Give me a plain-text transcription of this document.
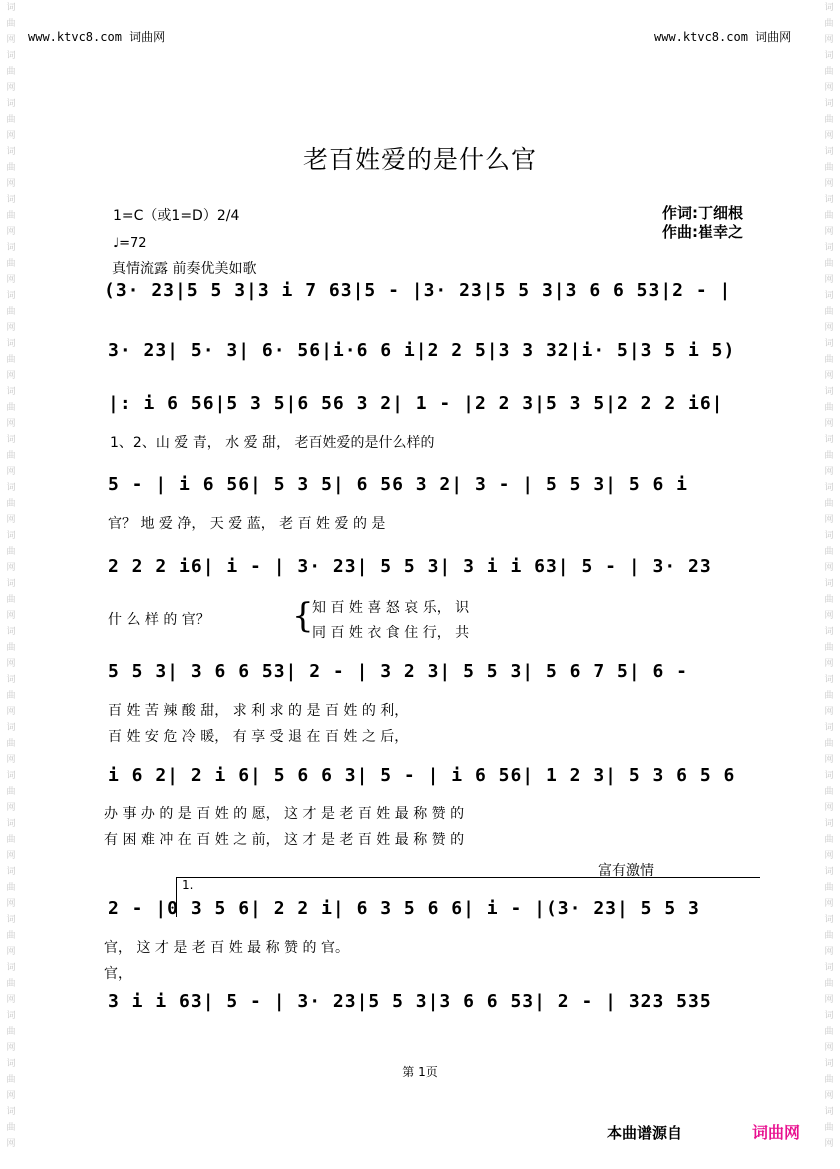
词曲网词曲网词曲网词曲网词曲网词曲网词曲网词曲网词曲网词曲网词曲网词曲网词曲网词曲网词曲网词曲网词曲网词曲网词曲网词曲网词曲网词曲网词曲网词曲网
词曲网词曲网词曲网词曲网词曲网词曲网词曲网词曲网词曲网词曲网词曲网词曲网词曲网词曲网词曲网词曲网词曲网词曲网词曲网词曲网词曲网词曲网词曲网词曲网
www.ktvc8.com 词曲网	www.ktvc8.com 词曲网
老百姓爱的是什么官
1=C（或1=D）2/4
♩=72
作词:丁细根
作曲:崔幸之
真情流露 前奏优美如歌
(3· 23|5 5 3|3 i 7 63|5 - |3· 23|5 5 3|3 6 6 53|2 - |
3· 23| 5· 3| 6· 56|i·6 6 i|2 2 5|3 3 32|i· 5|3 5 i 5)
|: i 6 56|5 3 5|6 56 3 2| 1 - |2 2 3|5 3 5|2 2 2 i6|
1、2、山 爱 青， 水 爱 甜， 老百姓爱的是什么样的
5 - | i 6 56| 5 3 5| 6 56 3 2| 3 - | 5 5 3| 5 6 i
官？ 地 爱 净， 天 爱 蓝， 老 百 姓 爱 的 是
2 2 2 i6| i - | 3· 23| 5 5 3| 3 i i 63| 5 - | 3· 23
什 么 样 的 官？ {
知 百 姓 喜 怒 哀 乐， 识
同 百 姓 衣 食 住 行， 共
5 5 3| 3 6 6 53| 2 - | 3 2 3| 5 5 3| 5 6 7 5| 6 -
百 姓 苦 辣 酸 甜， 求 利 求 的 是 百 姓 的 利，
百 姓 安 危 冷 暖， 有 享 受 退 在 百 姓 之 后，
i 6 2| 2 i 6| 5 6 6 3| 5 - | i 6 56| 1 2 3| 5 3 6 5 6
办 事 办 的 是 百 姓 的 愿， 这 才 是 老 百 姓 最 称 赞 的
有 困 难 冲 在 百 姓 之 前， 这 才 是 老 百 姓 最 称 赞 的
富有激情
1.
2 - |0 3 5 6| 2 2 i| 6 3 5 6 6| i - |(3· 23| 5 5 3
官， 这 才 是 老 百 姓 最 称 赞 的 官。
官，
3 i i 63| 5 - | 3· 23|5 5 3|3 6 6 53| 2 - | 323 535
第 1页
本曲谱源自	词曲网
